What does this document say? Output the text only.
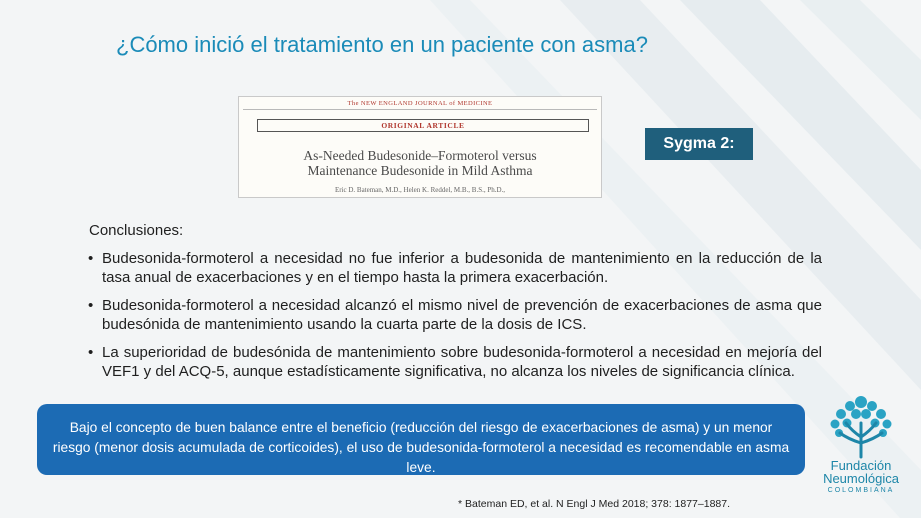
¿Cómo inició el tratamiento en un paciente con asma?
The NEW ENGLAND JOURNAL of MEDICINE
ORIGINAL ARTICLE
As-Needed Budesonide–Formoterol versus
Maintenance Budesonide in Mild Asthma
Eric D. Bateman, M.D., Helen K. Reddel, M.B., B.S., Ph.D.,
Sygma 2:
Conclusiones:
• Budesonida-formoterol a necesidad no fue inferior a budesonida de mantenimiento en la reducción de la tasa anual de exacerbaciones y en el tiempo hasta la primera exacerbación.
• Budesonida-formoterol a necesidad alcanzó el mismo nivel de prevención de exacerbaciones de asma que budesónida de mantenimiento usando la cuarta parte de la dosis de ICS.
• La superioridad de budesónida de mantenimiento sobre budesonida-formoterol a necesidad en mejoría del VEF1 y del ACQ-5, aunque estadísticamente significativa, no alcanza los niveles de significancia clínica.
Bajo el concepto de buen balance entre el beneficio (reducción del riesgo de exacerbaciones de asma) y un menor riesgo (menor dosis acumulada de corticoides), el uso de budesonida-formoterol a necesidad es recomendable en asma leve.
* Bateman ED, et al. N Engl J Med 2018; 378: 1877–1887.
Fundación
Neumológica
COLOMBIANA
